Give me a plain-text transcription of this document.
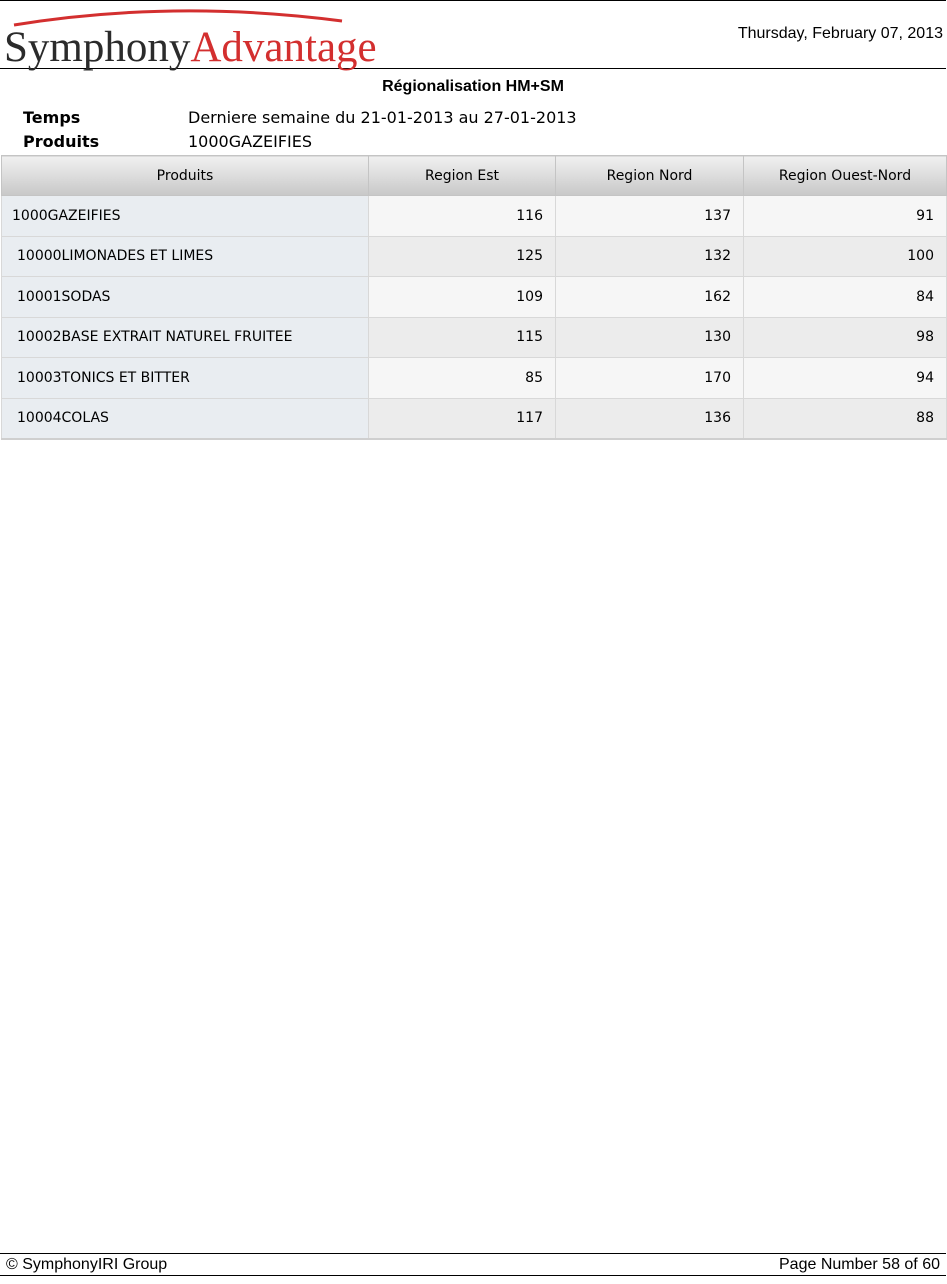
SymphonyAdvantage	Thursday, February 07, 2013
Régionalisation HM+SM
Temps	Derniere semaine du 21-01-2013 au 27-01-2013
Produits	1000GAZEIFIES
Produits	Region Est	Region Nord	Region Ouest-Nord
1000GAZEIFIES	116	137	91
10000LIMONADES ET LIMES	125	132	100
10001SODAS	109	162	84
10002BASE EXTRAIT NATUREL FRUITEE	115	130	98
10003TONICS ET BITTER	85	170	94
10004COLAS	117	136	88
© SymphonyIRI Group	Page Number 58 of 60
